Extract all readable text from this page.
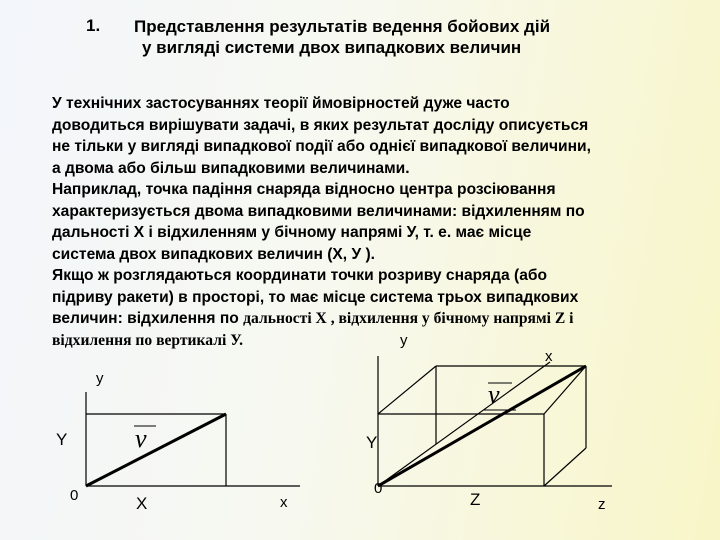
1. Представлення результатів ведення бойових дій
у вигляді системи двох випадкових величин
У технічних застосуваннях теорії ймовірностей дуже часто
доводиться вирішувати задачі, в яких результат досліду описується
не тільки у вигляді випадкової події або однієї випадкової величини,
а двома або більш випадковими величинами.
Наприклад, точка падіння снаряда відносно центра розсіювання
характеризується двома випадковими величинами: відхиленням по
дальності X і відхиленням у бічному напрямі У, т. е. має місце
система двох випадкових величин (X, У ).
Якщо ж розглядаються координати точки розриву снаряда (або
підриву ракети) в просторі, то має місце система трьох випадкових
величин: відхилення по дальності X , відхилення у бічному напрямі Z і
відхилення по вертикалі У.
у
Y
0	X	х
v
у
х
Y
0
Z	z
v
